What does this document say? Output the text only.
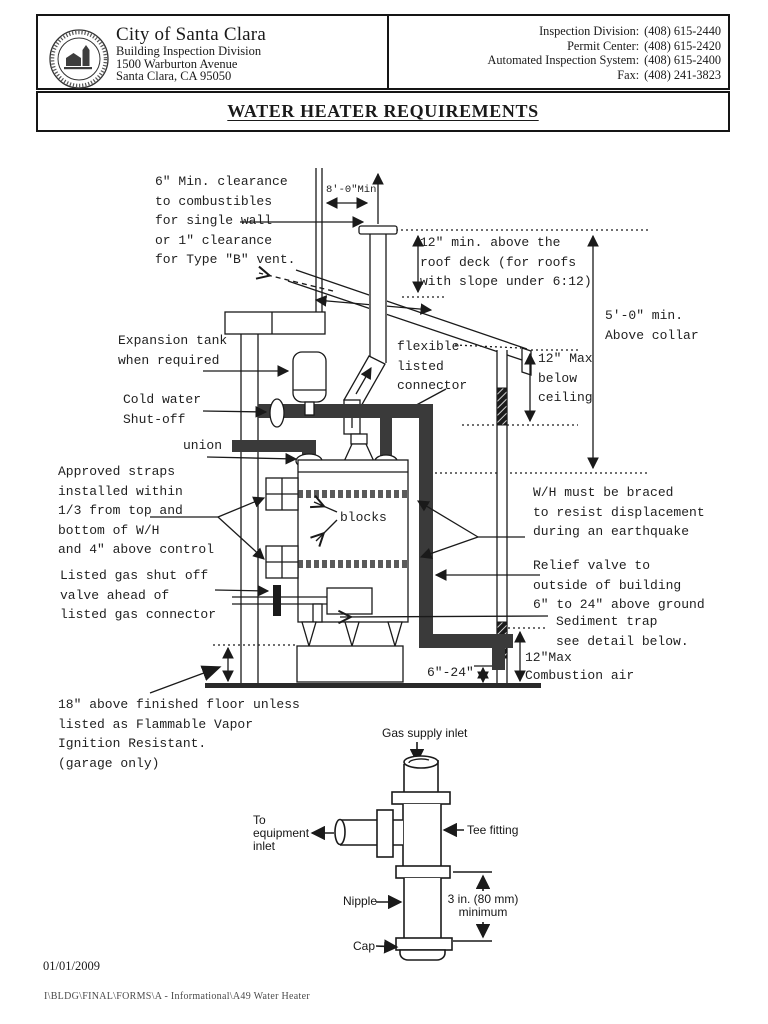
City of Santa Clara
Building Inspection Division
1500 Warburton Avenue
Santa Clara, CA 95050
Inspection Division: (408) 615-2440
Permit Center: (408) 615-2420
Automated Inspection System: (408) 615-2400
Fax: (408) 241-3823
WATER HEATER REQUIREMENTS
6" Min. clearance
to combustibles
for single wall
or 1" clearance
for Type "B" vent.
8'-0"Min
12" min. above the
roof deck (for roofs
with slope under 6:12)
5'-0" min.
Above collar
flexible
listed
connector
12" Max
below
ceiling
Expansion tank
when required
Cold water
Shut-off
union
Approved straps
installed within
1/3 from top and
bottom of W/H
and 4" above control
blocks
W/H must be braced
to resist displacement
during an earthquake
Listed gas shut off
valve ahead of
listed gas connector
Relief valve to
outside of building
6" to 24" above ground
Sediment trap
see detail below.
12"Max
6"-24"	Combustion air
18" above finished floor unless
listed as Flammable Vapor
Ignition Resistant.
(garage only)
Gas supply inlet
To
equipment
inlet
Tee fitting
Nipple	3 in. (80 mm)
minimum
Cap
01/01/2009
I\BLDG\FINAL\FORMS\A - Informational\A49 Water Heater
